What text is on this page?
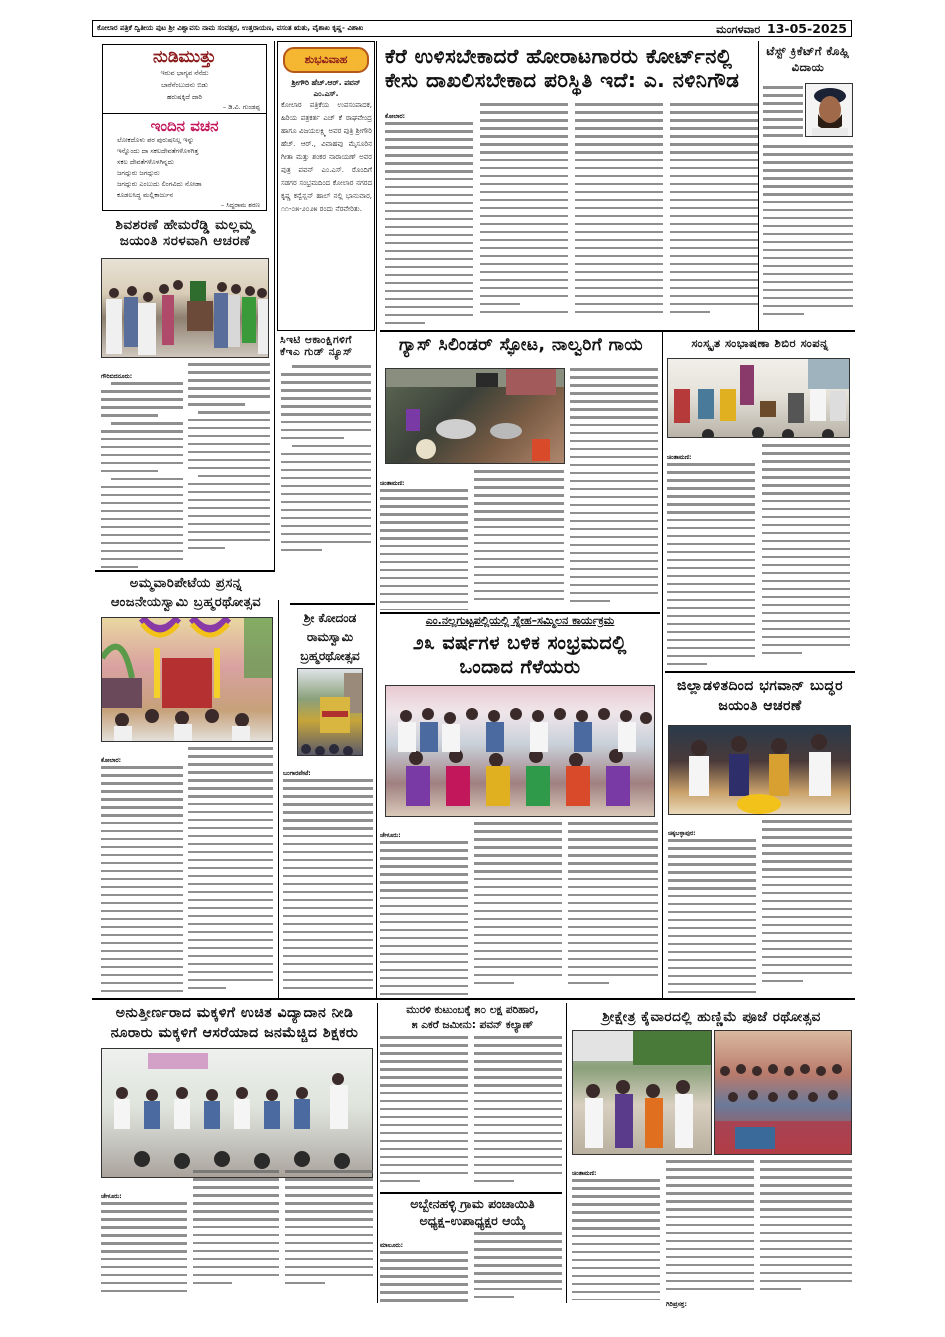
ಕೋಲಾರ ಪತ್ರಿಕೆ ದ್ವಿತೀಯ ಪುಟ ಶ್ರೀ ವಿಶ್ವಾವಸು ನಾಮ ಸಂವತ್ಸರ, ಉತ್ತರಾಯಣ, ವಸಂತ ಋತು, ವೈಶಾಖ ಕೃಷ್ಣ- ವಿಶಾಖ	ಮಂಗಳವಾರ 13-05-2025
ನುಡಿಮುತ್ತು
ಇರುವ ಭಾಗ್ಯವ ನೆನೆದು
ಬಾರೆನೆಂಬುದನು ಬಿಡು
ಹರುಷಕ್ಕಿದೆ ದಾರಿ
– ಡಿ.ವಿ. ಗುಂಡಪ್ಪ
ಇಂದಿನ ವಚನ
ಲೋಕದೊಳು ಪರ ಪುರುಷನಿಲ್ಲ ಇನ್ನು
ಇನ್ನೊಂದು ದಾ ಸಕಲದೇವತೆಗಳೊಳಗಿತ್ತ
ಸಕಲ ದೇವತೆಗಳೊಳಗಿನ್ನದು
ಜಗದ್ಗುರು ಜಗದ್ಗುರು
ಜಗದ್ಗುರು ಎಂಬುದು ಲಿಂಗವಿದು ನೋಡಾ
ಕೂಡಲಸಿದ್ಧ ಮಲ್ಲಿಕಾರ್ಜುನ
– ಸಿದ್ಧರಾಮ ಶರಣ
ಶಿವಶರಣೆ ಹೇಮರೆಡ್ಡಿ ಮಲ್ಲಮ್ಮ ಜಯಂತಿ ಸರಳವಾಗಿ ಆಚರಣೆ
ಗೌರಿಬಿದನೂರು:
ಶುಭವಿವಾಹ
ಶ್ರೀಗೌರಿ ಹೆಚ್.ಆರ್. ಪವನ್ ಎಂ.ಎಸ್.
ಕೋಲಾರ ಪತ್ರಿಕೆಯ ಉಪಸಂಪಾದಕ, ಹಿರಿಯ ಪತ್ರಕರ್ತ ಎಚ್ ಕೆ ರಾಘವೇಂದ್ರ ಹಾಗೂ ವಿಜಯಲಕ್ಷ್ಮಿ ಅವರ ಪುತ್ರಿ ಶ್ರೀಗೌರಿ ಹೆಚ್. ಆರ್., ವಿವಾಹವು ಮೈಸೂರಿನ ಗೀತಾ ಮತ್ತು ಶಂಕರ ನಾರಾಯಣ್ ಅವರ ಪುತ್ರ ಪವನ್ ಎಂ.ಎಸ್. ರೊಂದಿಗೆ ಸಡಗರ ಸಂಭ್ರಮದಿಂದ ಕೋಲಾರ ನಗರದ ಕೃಷ್ಣ ಕನ್ವೆನ್ಷನ್ ಹಾಲ್ ನಲ್ಲಿ ಭಾನುವಾರ, ೧೧-೦೫-೨೦೨೫ ರಂದು ನೆರವೇರಿತು.
ಸಿಇಟಿ ಆಕಾಂಕ್ಷಿಗಳಿಗೆ ಕೆಇಎ ಗುಡ್ ನ್ಯೂಸ್
ಕೆರೆ ಉಳಿಸಬೇಕಾದರೆ ಹೋರಾಟಗಾರರು ಕೋರ್ಟ್‌ನಲ್ಲಿ
ಕೇಸು ದಾಖಲಿಸಬೇಕಾದ ಪರಿಸ್ಥಿತಿ ಇದೆ: ಎ. ನಳಿನಿಗೌಡ
ಕೋಲಾರ:
ಟೆಸ್ಟ್ ಕ್ರಿಕೆಟ್‌ಗೆ ಕೊಹ್ಲಿ ವಿದಾಯ
ಗ್ಯಾಸ್ ಸಿಲಿಂಡರ್ ಸ್ಫೋಟ, ನಾಲ್ವರಿಗೆ ಗಾಯ
ಚಿಂತಾಮಣಿ:
ಸಂಸ್ಕೃತ ಸಂಭಾಷಣಾ ಶಿಬಿರ ಸಂಪನ್ನ
ಚಿಂತಾಮಣಿ:
ಅಮ್ಮವಾರಿಪೇಟೆಯ ಪ್ರಸನ್ನ
ಆಂಜನೇಯಸ್ವಾಮಿ ಬ್ರಹ್ಮರಥೋತ್ಸವ
ಕೋಲಾರ:
ಶ್ರೀ ಕೋದಂಡ ರಾಮಸ್ವಾಮಿ ಬ್ರಹ್ಮರಥೋತ್ಸವ
ಬಂಗಾರಪೇಟೆ:
ಎಂ.ನಲ್ಲಗುಟ್ಟಪಲ್ಲಿಯಲ್ಲಿ ಸ್ನೇಹ–ಸಮ್ಮಿಲನ ಕಾರ್ಯಕ್ರಮ
೨೩ ವರ್ಷಗಳ ಬಳಿಕ ಸಂಭ್ರಮದಲ್ಲಿ
ಒಂದಾದ ಗೆಳೆಯರು
ಚೇಳೂರು:
ಜಿಲ್ಲಾಡಳಿತದಿಂದ ಭಗವಾನ್ ಬುದ್ಧರ ಜಯಂತಿ ಆಚರಣೆ
ಚಿಕ್ಕಬಳ್ಳಾಪುರ:
ಅನುತ್ತೀರ್ಣರಾದ ಮಕ್ಕಳಿಗೆ ಉಚಿತ ವಿದ್ಯಾದಾನ ನೀಡಿ
ನೂರಾರು ಮಕ್ಕಳಿಗೆ ಆಸರೆಯಾದ ಜನಮೆಚ್ಚಿದ ಶಿಕ್ಷಕರು
ಚೇಳೂರು:
ಮುರಳಿ ಕುಟುಂಬಕ್ಕೆ ೫೦ ಲಕ್ಷ ಪರಿಹಾರ,
೫ ಎಕರೆ ಜಮೀನು: ಪವನ್ ಕಲ್ಯಾಣ್
ಅಬ್ಬೇನಹಳ್ಳಿ ಗ್ರಾಮ ಪಂಚಾಯಿತಿ
ಅಧ್ಯಕ್ಷ–ಉಪಾಧ್ಯಕ್ಷರ ಆಯ್ಕೆ
ಮಾಲೂರು:
ಶ್ರೀಕ್ಷೇತ್ರ ಕೈವಾರದಲ್ಲಿ ಹುಣ್ಣಿಮೆ ಪೂಜೆ ರಥೋತ್ಸವ
ಚಿಂತಾಮಣಿ:
ಗಿರಿಪ್ರಸಕ್ತ:
